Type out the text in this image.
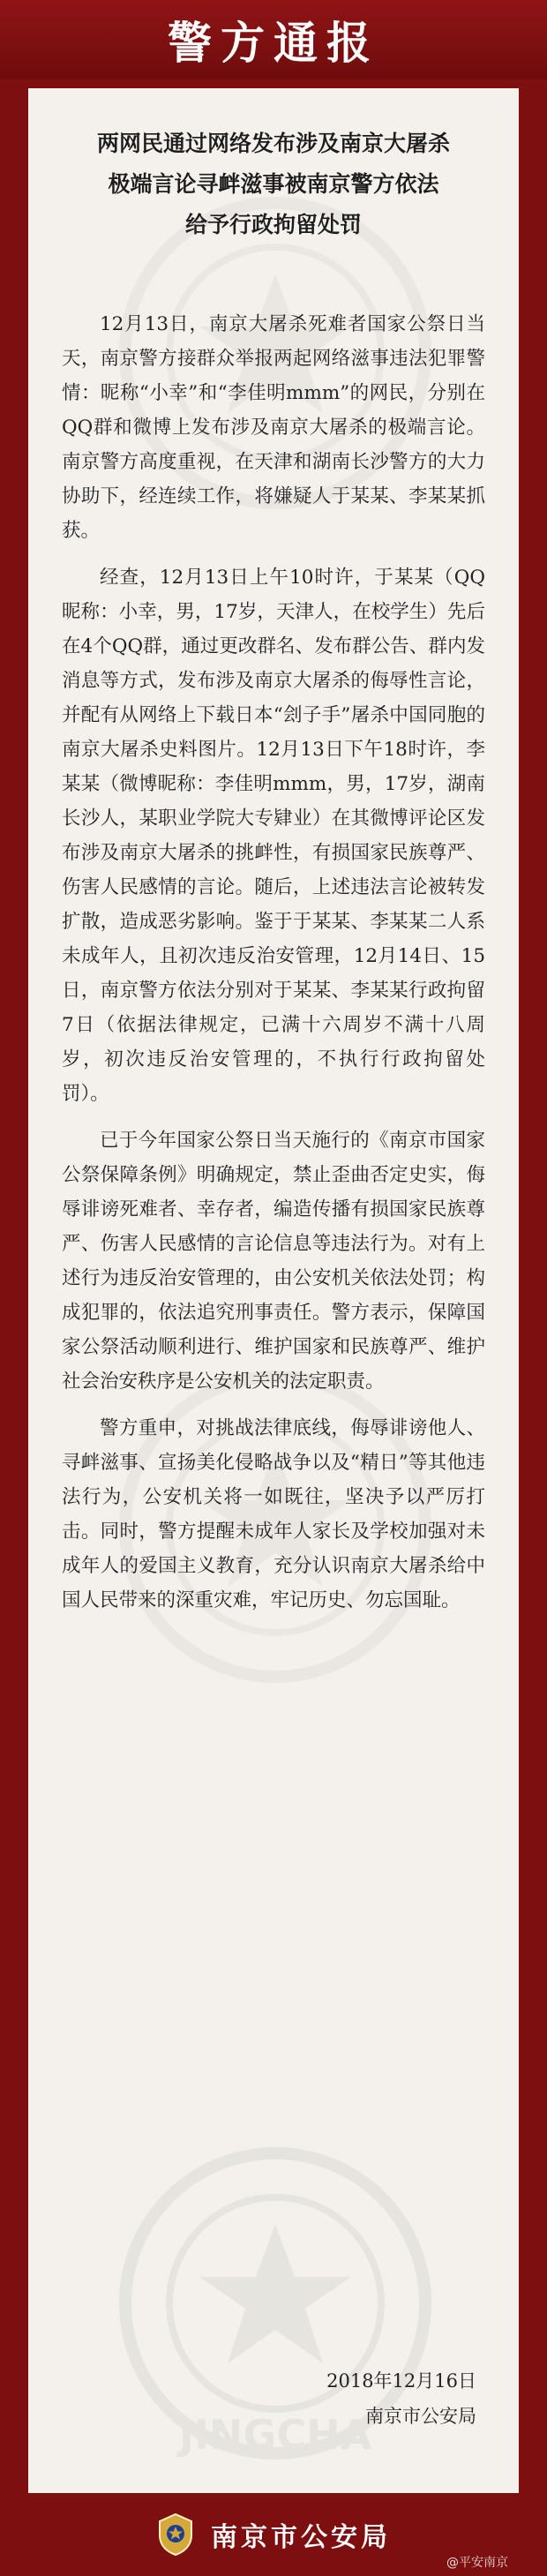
警方通报
JINGCHA
两网民通过网络发布涉及南京大屠杀
极端言论寻衅滋事被南京警方依法
给予行政拘留处罚

12月13日，南京大屠杀死难者国家公祭日当天，南京警方接群众举报两起网络滋事违法犯罪警情：昵称“小幸”和“李佳明mmm”的网民，分别在QQ群和微博上发布涉及南京大屠杀的极端言论。南京警方高度重视，在天津和湖南长沙警方的大力协助下，经连续工作，将嫌疑人于某某、李某某抓获。

经查，12月13日上午10时许，于某某（QQ昵称：小幸，男，17岁，天津人，在校学生）先后在4个QQ群，通过更改群名、发布群公告、群内发消息等方式，发布涉及南京大屠杀的侮辱性言论，并配有从网络上下载日本“刽子手”屠杀中国同胞的南京大屠杀史料图片。12月13日下午18时许，李某某（微博昵称：李佳明mmm，男，17岁，湖南长沙人，某职业学院大专肄业）在其微博评论区发布涉及南京大屠杀的挑衅性，有损国家民族尊严、伤害人民感情的言论。随后，上述违法言论被转发扩散，造成恶劣影响。鉴于于某某、李某某二人系未成年人，且初次违反治安管理，12月14日、15日，南京警方依法分别对于某某、李某某行政拘留7日（依据法律规定，已满十六周岁不满十八周岁，初次违反治安管理的，不执行行政拘留处罚）。

已于今年国家公祭日当天施行的《南京市国家公祭保障条例》明确规定，禁止歪曲否定史实，侮辱诽谤死难者、幸存者，编造传播有损国家民族尊严、伤害人民感情的言论信息等违法行为。对有上述行为违反治安管理的，由公安机关依法处罚；构成犯罪的，依法追究刑事责任。警方表示，保障国家公祭活动顺利进行、维护国家和民族尊严、维护社会治安秩序是公安机关的法定职责。

警方重申，对挑战法律底线，侮辱诽谤他人、寻衅滋事、宣扬美化侵略战争以及“精日”等其他违法行为，公安机关将一如既往，坚决予以严厉打击。同时，警方提醒未成年人家长及学校加强对未成年人的爱国主义教育，充分认识南京大屠杀给中国人民带来的深重灾难，牢记历史、勿忘国耻。

2018年12月16日
南京市公安局
南京市公安局
@平安南京
